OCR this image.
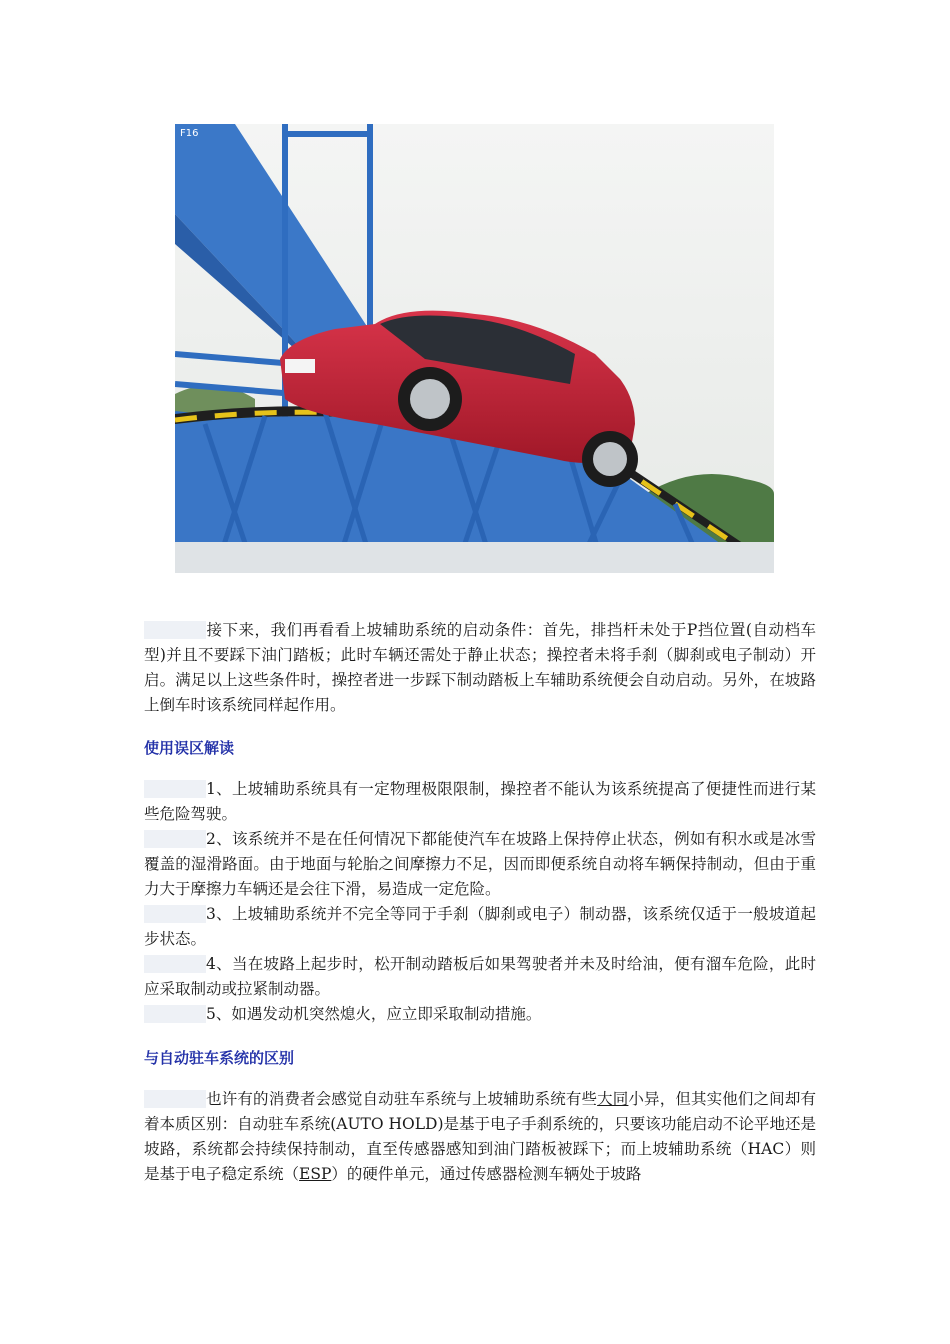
F16

接下来，我们再看看上坡辅助系统的启动条件：首先，排挡杆未处于P挡位置(自动档车型)并且不要踩下油门踏板；此时车辆还需处于静止状态；操控者未将手刹（脚刹或电子制动）开启。满足以上这些条件时，操控者进一步踩下制动踏板上车辅助系统便会自动启动。另外，在坡路上倒车时该系统同样起作用。

使用误区解读

1、上坡辅助系统具有一定物理极限限制，操控者不能认为该系统提高了便捷性而进行某些危险驾驶。

2、该系统并不是在任何情况下都能使汽车在坡路上保持停止状态，例如有积水或是冰雪覆盖的湿滑路面。由于地面与轮胎之间摩擦力不足，因而即便系统自动将车辆保持制动，但由于重力大于摩擦力车辆还是会往下滑，易造成一定危险。

3、上坡辅助系统并不完全等同于手刹（脚刹或电子）制动器，该系统仅适于一般坡道起步状态。

4、当在坡路上起步时，松开制动踏板后如果驾驶者并未及时给油，便有溜车危险，此时应采取制动或拉紧制动器。

5、如遇发动机突然熄火，应立即采取制动措施。

与自动驻车系统的区别

也许有的消费者会感觉自动驻车系统与上坡辅助系统有些大同小异，但其实他们之间却有着本质区别：自动驻车系统(AUTO HOLD)是基于电子手刹系统的，只要该功能启动不论平地还是坡路，系统都会持续保持制动，直至传感器感知到油门踏板被踩下；而上坡辅助系统（HAC）则是基于电子稳定系统（ESP）的硬件单元，通过传感器检测车辆处于坡路
